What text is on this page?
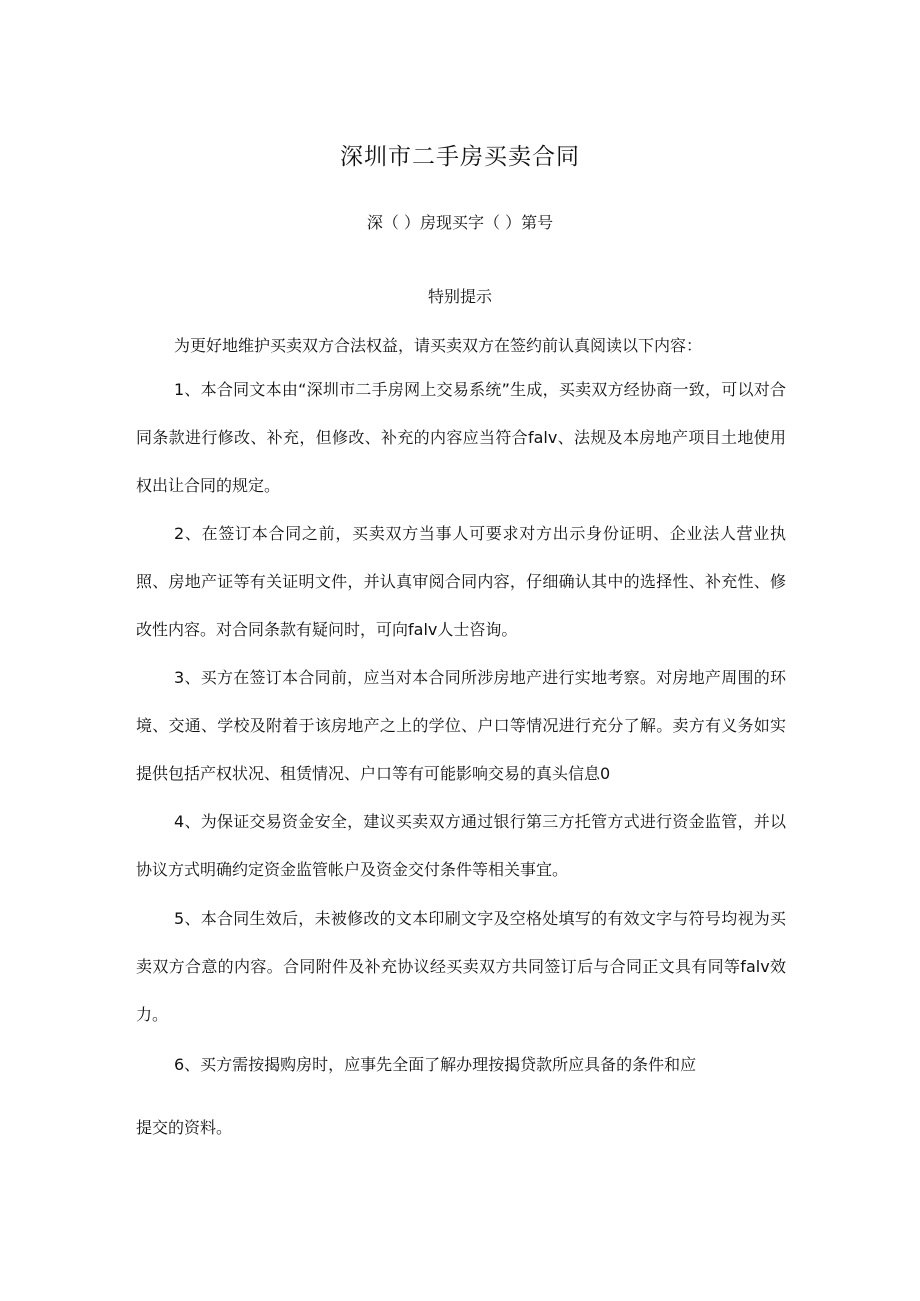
深圳市二手房买卖合同
深（ ）房现买字（ ）第号
特别提示

为更好地维护买卖双方合法权益，请买卖双方在签约前认真阅读以下内容：

1、本合同文本由“深圳市二手房网上交易系统”生成，买卖双方经协商一致，可以对合同条款进行修改、补充，但修改、补充的内容应当符合falv、法规及本房地产项目土地使用权出让合同的规定。

2、在签订本合同之前，买卖双方当事人可要求对方出示身份证明、企业法人营业执照、房地产证等有关证明文件，并认真审阅合同内容，仔细确认其中的选择性、补充性、修改性内容。对合同条款有疑问时，可向falv人士咨询。

3、买方在签订本合同前，应当对本合同所涉房地产进行实地考察。对房地产周围的环境、交通、学校及附着于该房地产之上的学位、户口等情况进行充分了解。卖方有义务如实提供包括产权状况、租赁情况、户口等有可能影响交易的真头信息0

4、为保证交易资金安全，建议买卖双方通过银行第三方托管方式进行资金监管，并以协议方式明确约定资金监管帐户及资金交付条件等相关事宜。

5、本合同生效后，未被修改的文本印刷文字及空格处填写的有效文字与符号均视为买卖双方合意的内容。合同附件及补充协议经买卖双方共同签订后与合同正文具有同等falv效力。

6、买方需按揭购房时，应事先全面了解办理按揭贷款所应具备的条件和应

提交的资料。
